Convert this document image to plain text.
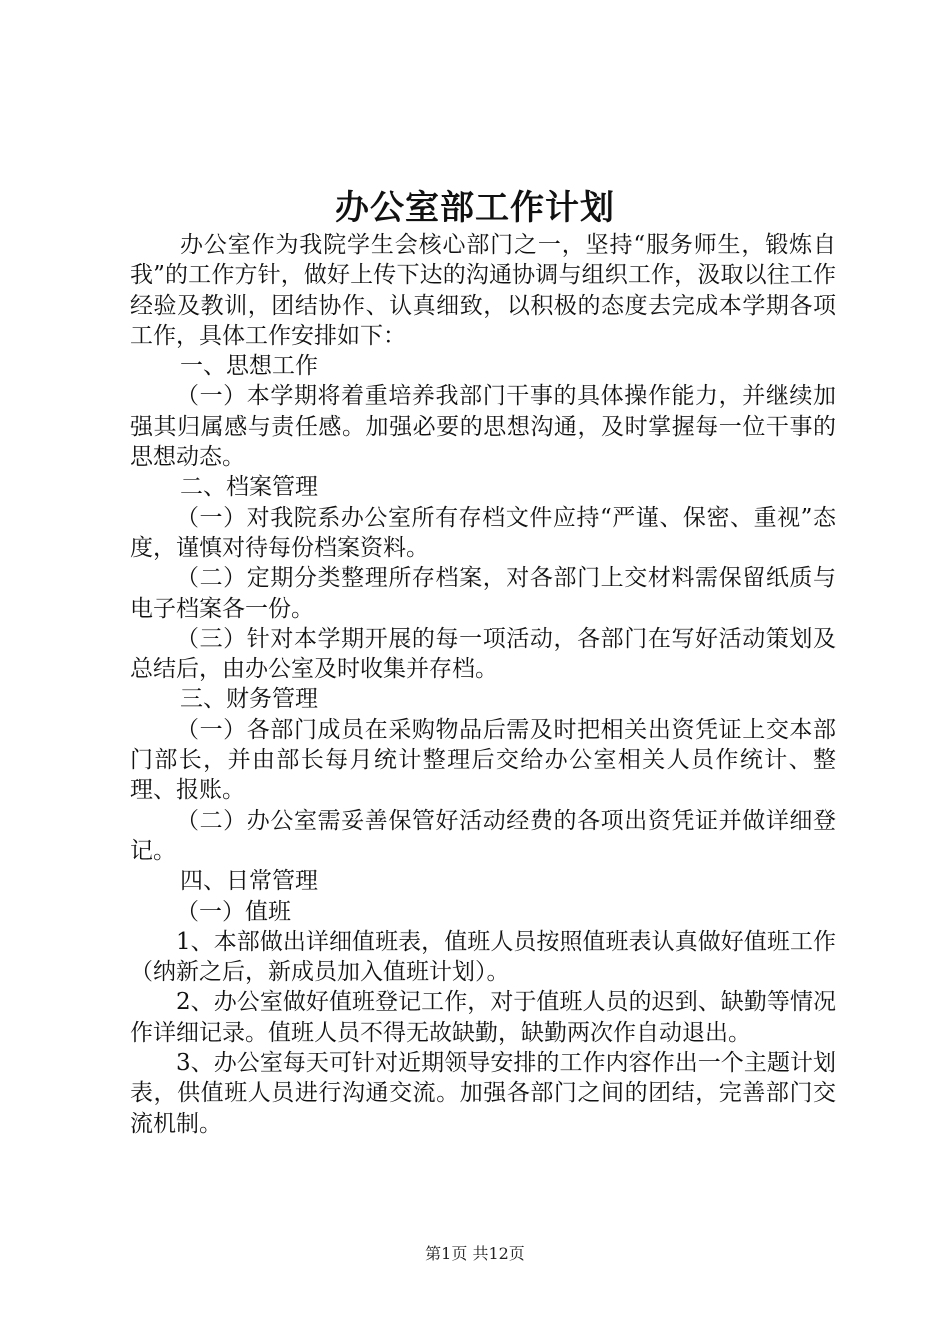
办公室部工作计划

办公室作为我院学生会核心部门之一，坚持“服务师生，锻炼自我”的工作方针，做好上传下达的沟通协调与组织工作，汲取以往工作经验及教训，团结协作、认真细致，以积极的态度去完成本学期各项工作，具体工作安排如下：

一、思想工作

（一）本学期将着重培养我部门干事的具体操作能力，并继续加强其归属感与责任感。加强必要的思想沟通，及时掌握每一位干事的思想动态。

二、档案管理

（一）对我院系办公室所有存档文件应持“严谨、保密、重视”态度，谨慎对待每份档案资料。

（二）定期分类整理所存档案，对各部门上交材料需保留纸质与电子档案各一份。

（三）针对本学期开展的每一项活动，各部门在写好活动策划及总结后，由办公室及时收集并存档。

三、财务管理

（一）各部门成员在采购物品后需及时把相关出资凭证上交本部门部长，并由部长每月统计整理后交给办公室相关人员作统计、整理、报账。

（二）办公室需妥善保管好活动经费的各项出资凭证并做详细登记。

四、日常管理

（一）值班

1、本部做出详细值班表，值班人员按照值班表认真做好值班工作（纳新之后，新成员加入值班计划）。

2、办公室做好值班登记工作，对于值班人员的迟到、缺勤等情况作详细记录。值班人员不得无故缺勤，缺勤两次作自动退出。

3、办公室每天可针对近期领导安排的工作内容作出一个主题计划表，供值班人员进行沟通交流。加强各部门之间的团结，完善部门交流机制。

第1页 共12页
